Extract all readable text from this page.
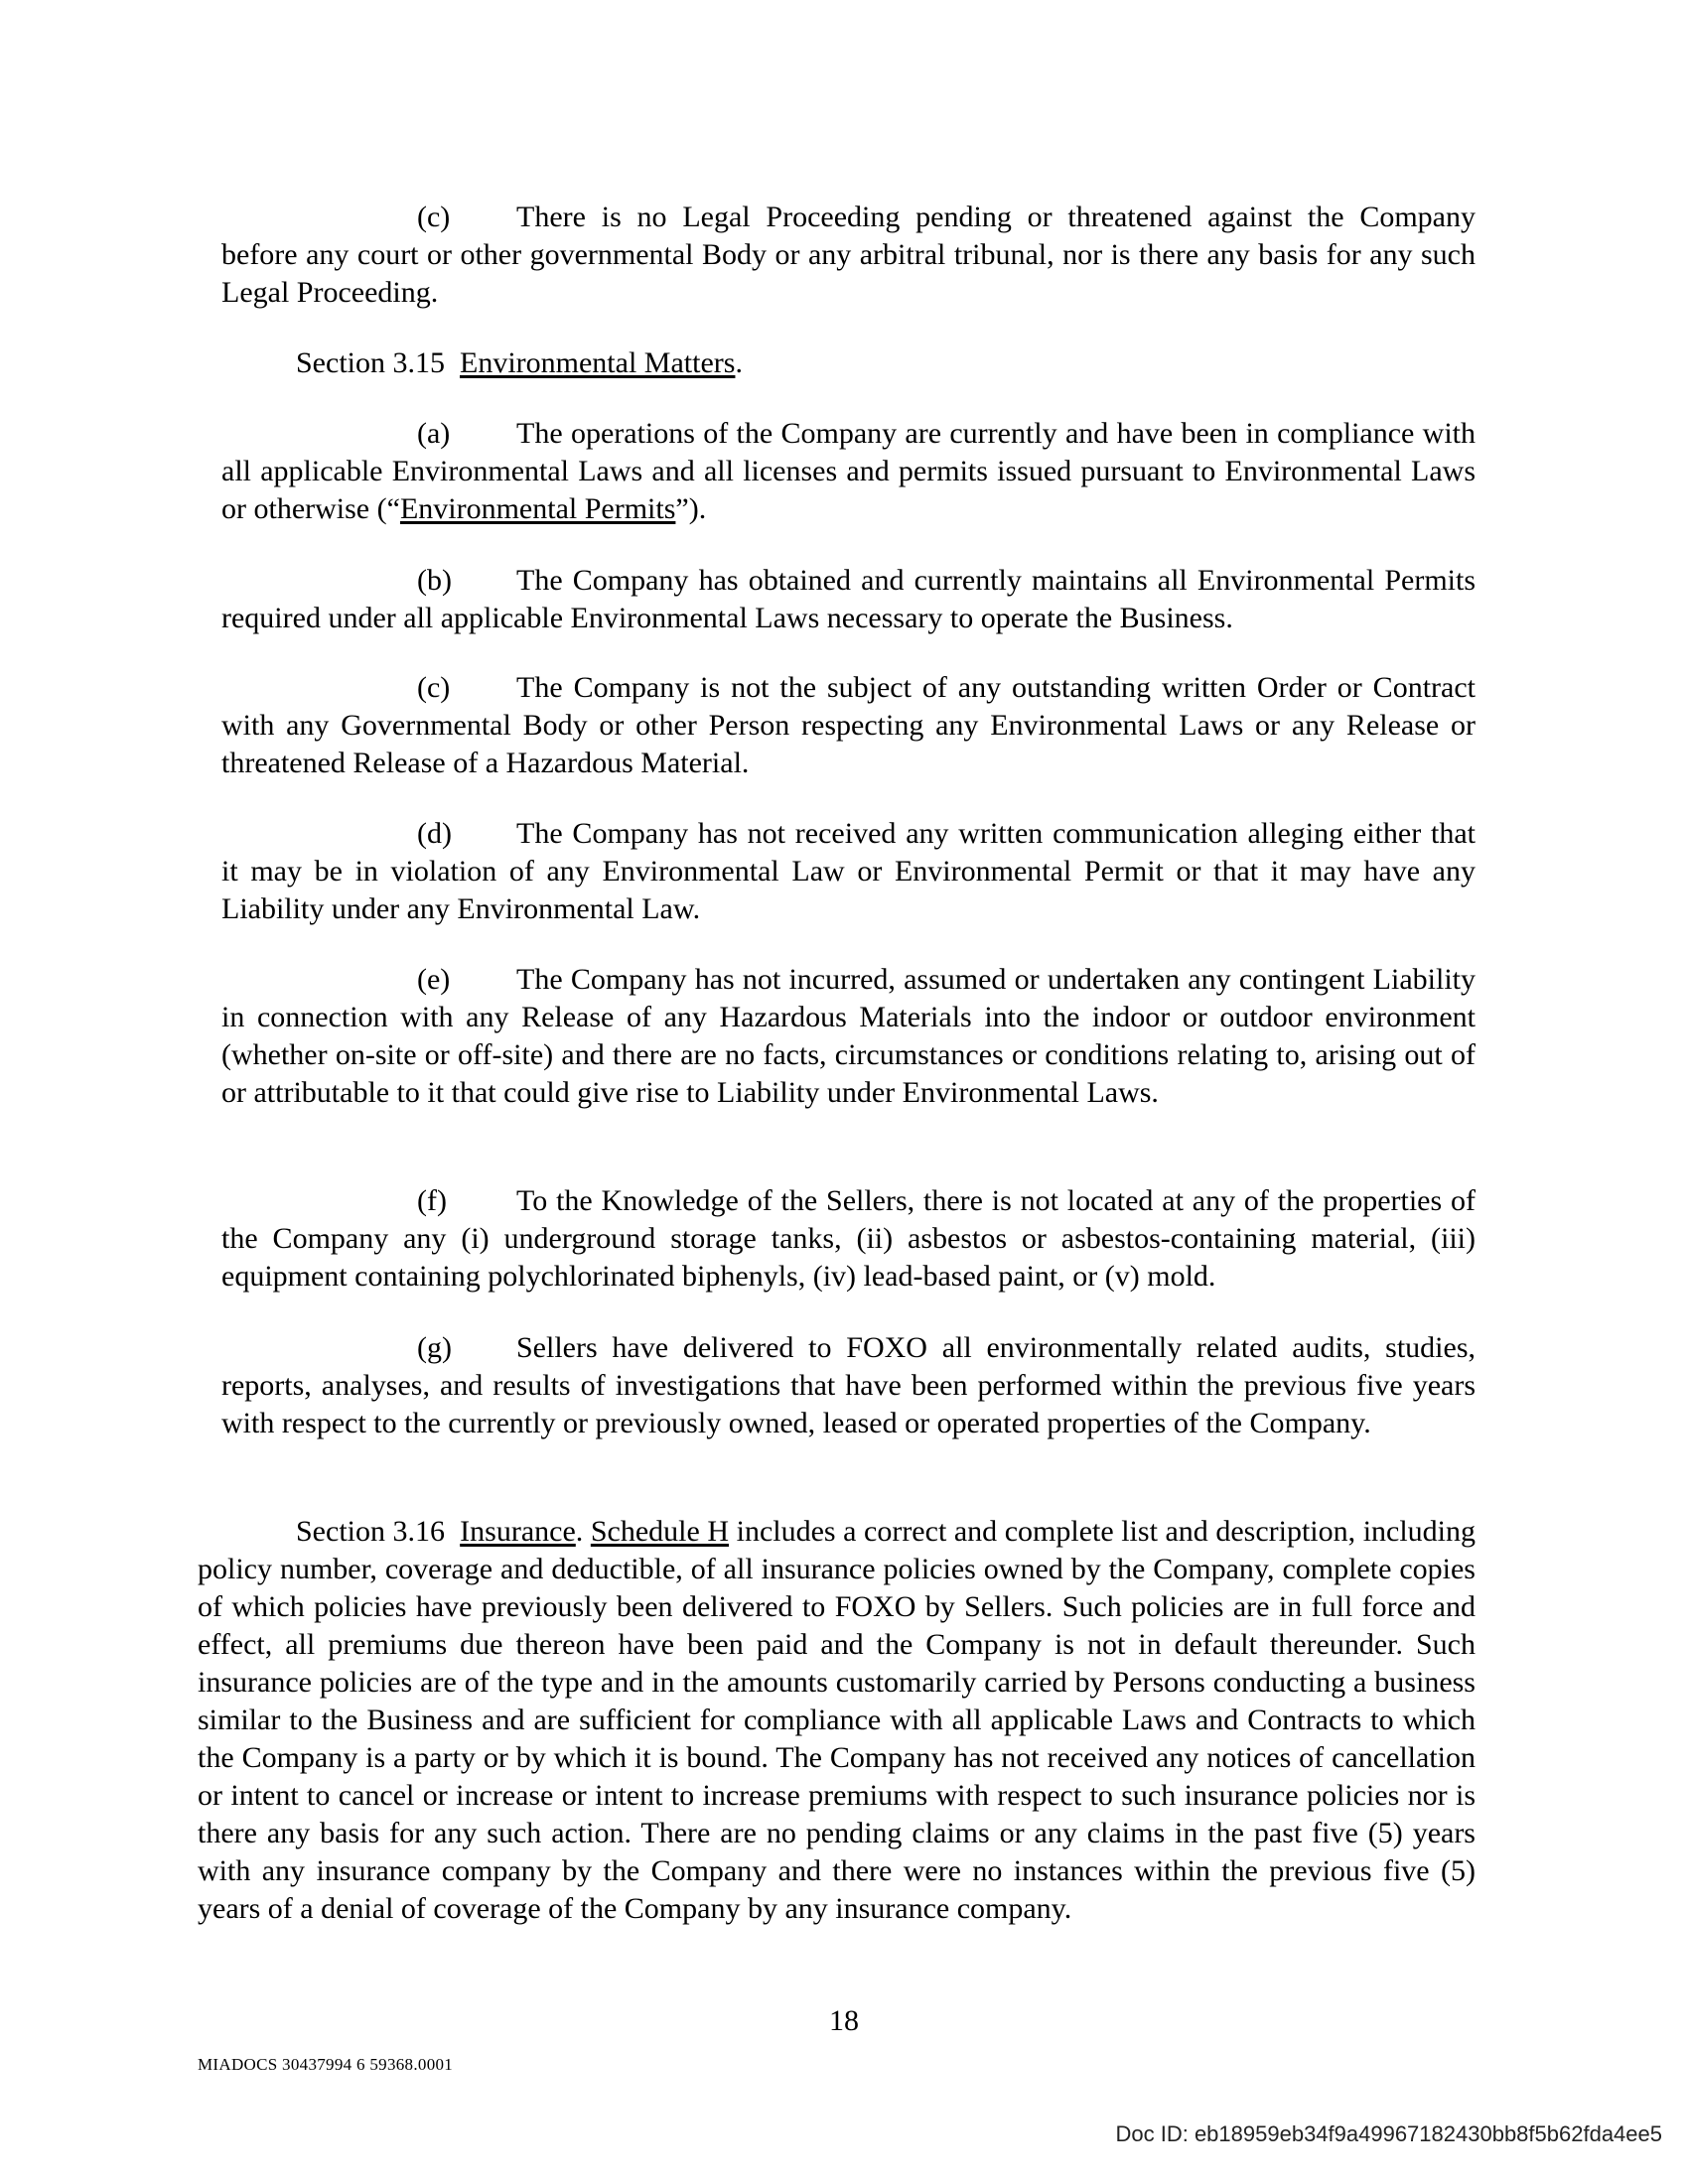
(c) There is no Legal Proceeding pending or threatened against the Company before any court or other governmental Body or any arbitral tribunal, nor is there any basis for any such Legal Proceeding.

Section 3.15 Environmental Matters.

(a) The operations of the Company are currently and have been in compliance with all applicable Environmental Laws and all licenses and permits issued pursuant to Environmental Laws or otherwise (“Environmental Permits”).

(b) The Company has obtained and currently maintains all Environmental Permits required under all applicable Environmental Laws necessary to operate the Business.

(c) The Company is not the subject of any outstanding written Order or Contract with any Governmental Body or other Person respecting any Environmental Laws or any Release or threatened Release of a Hazardous Material.

(d) The Company has not received any written communication alleging either that it may be in violation of any Environmental Law or Environmental Permit or that it may have any Liability under any Environmental Law.

(e) The Company has not incurred, assumed or undertaken any contingent Liability in connection with any Release of any Hazardous Materials into the indoor or outdoor environment (whether on-site or off-site) and there are no facts, circumstances or conditions relating to, arising out of or attributable to it that could give rise to Liability under Environmental Laws.

(f) To the Knowledge of the Sellers, there is not located at any of the properties of the Company any (i) underground storage tanks, (ii) asbestos or asbestos-containing material, (iii) equipment containing polychlorinated biphenyls, (iv) lead-based paint, or (v) mold.

(g) Sellers have delivered to FOXO all environmentally related audits, studies, reports, analyses, and results of investigations that have been performed within the previous five years with respect to the currently or previously owned, leased or operated properties of the Company.

Section 3.16 Insurance. Schedule H includes a correct and complete list and description, including policy number, coverage and deductible, of all insurance policies owned by the Company, complete copies of which policies have previously been delivered to FOXO by Sellers. Such policies are in full force and effect, all premiums due thereon have been paid and the Company is not in default thereunder. Such insurance policies are of the type and in the amounts customarily carried by Persons conducting a business similar to the Business and are sufficient for compliance with all applicable Laws and Contracts to which the Company is a party or by which it is bound. The Company has not received any notices of cancellation or intent to cancel or increase or intent to increase premiums with respect to such insurance policies nor is there any basis for any such action. There are no pending claims or any claims in the past five (5) years with any insurance company by the Company and there were no instances within the previous five (5) years of a denial of coverage of the Company by any insurance company.

18
MIADOCS 30437994 6 59368.0001
Doc ID: eb18959eb34f9a49967182430bb8f5b62fda4ee5
